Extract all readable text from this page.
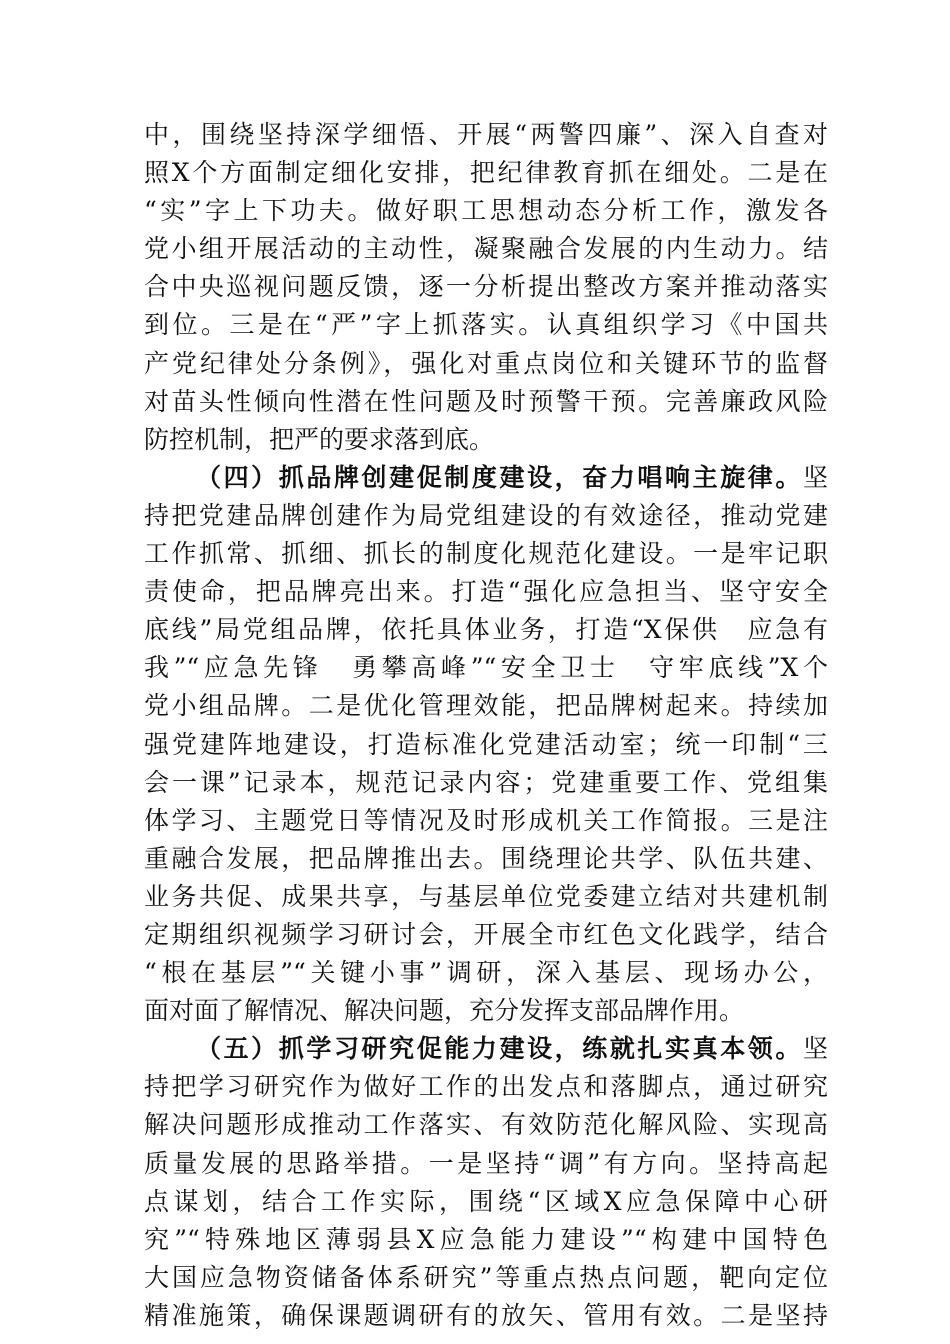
中，围绕坚持深学细悟、开展“两警四廉”、深入自查对
照X个方面制定细化安排，把纪律教育抓在细处。二是在
“实”字上下功夫。做好职工思想动态分析工作，激发各
党小组开展活动的主动性，凝聚融合发展的内生动力。结
合中央巡视问题反馈，逐一分析提出整改方案并推动落实
到位。三是在“严”字上抓落实。认真组织学习《中国共
产党纪律处分条例》，强化对重点岗位和关键环节的监督
对苗头性倾向性潜在性问题及时预警干预。完善廉政风险
防控机制，把严的要求落到底。
（四）抓品牌创建促制度建设，奋力唱响主旋律。坚
持把党建品牌创建作为局党组建设的有效途径，推动党建
工作抓常、抓细、抓长的制度化规范化建设。一是牢记职
责使命，把品牌亮出来。打造“强化应急担当、坚守安全
底线”局党组品牌，依托具体业务，打造“X保供　应急有
我”“应急先锋　勇攀高峰”“安全卫士　守牢底线”X个
党小组品牌。二是优化管理效能，把品牌树起来。持续加
强党建阵地建设，打造标准化党建活动室；统一印制“三
会一课”记录本，规范记录内容；党建重要工作、党组集
体学习、主题党日等情况及时形成机关工作简报。三是注
重融合发展，把品牌推出去。围绕理论共学、队伍共建、
业务共促、成果共享，与基层单位党委建立结对共建机制
定期组织视频学习研讨会，开展全市红色文化践学，结合
“根在基层”“关键小事”调研，深入基层、现场办公，
面对面了解情况、解决问题，充分发挥支部品牌作用。
（五）抓学习研究促能力建设，练就扎实真本领。坚
持把学习研究作为做好工作的出发点和落脚点，通过研究
解决问题形成推动工作落实、有效防范化解风险、实现高
质量发展的思路举措。一是坚持“调”有方向。坚持高起
点谋划，结合工作实际，围绕“区域X应急保障中心研
究”“特殊地区薄弱县X应急能力建设”“构建中国特色
大国应急物资储备体系研究”等重点热点问题，靶向定位
精准施策，确保课题调研有的放矢、管用有效。二是坚持
